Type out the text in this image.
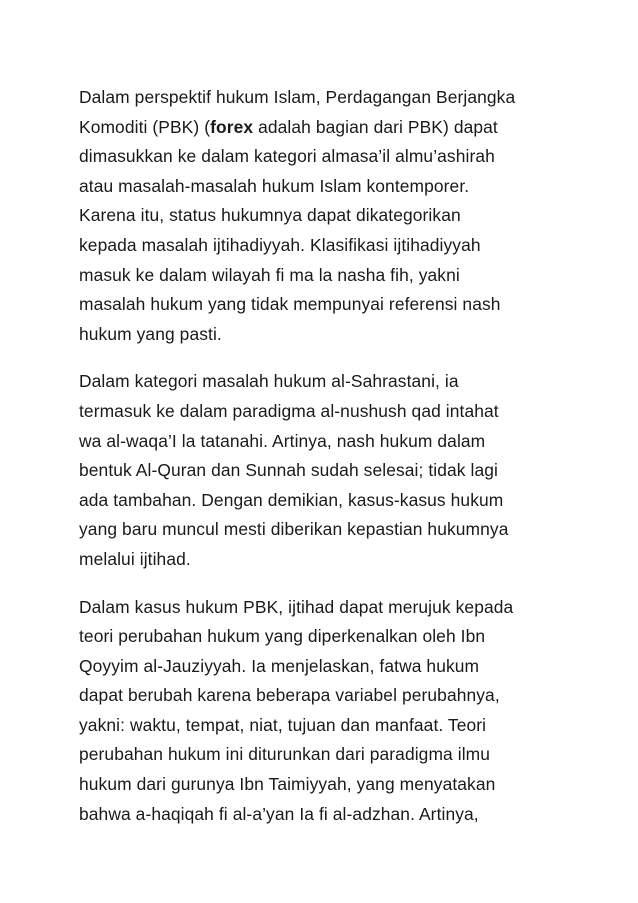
Dalam perspektif hukum Islam, Perdagangan Berjangka
Komoditi (PBK) (forex adalah bagian dari PBK) dapat
dimasukkan ke dalam kategori almasa’il almu’ashirah
atau masalah-masalah hukum Islam kontemporer.
Karena itu, status hukumnya dapat dikategorikan
kepada masalah ijtihadiyyah. Klasifikasi ijtihadiyyah
masuk ke dalam wilayah fi ma la nasha fih, yakni
masalah hukum yang tidak mempunyai referensi nash
hukum yang pasti.

Dalam kategori masalah hukum al-Sahrastani, ia
termasuk ke dalam paradigma al-nushush qad intahat
wa al-waqa’I la tatanahi. Artinya, nash hukum dalam
bentuk Al-Quran dan Sunnah sudah selesai; tidak lagi
ada tambahan. Dengan demikian, kasus-kasus hukum
yang baru muncul mesti diberikan kepastian hukumnya
melalui ijtihad.

Dalam kasus hukum PBK, ijtihad dapat merujuk kepada
teori perubahan hukum yang diperkenalkan oleh Ibn
Qoyyim al-Jauziyyah. Ia menjelaskan, fatwa hukum
dapat berubah karena beberapa variabel perubahnya,
yakni: waktu, tempat, niat, tujuan dan manfaat. Teori
perubahan hukum ini diturunkan dari paradigma ilmu
hukum dari gurunya Ibn Taimiyyah, yang menyatakan
bahwa a-haqiqah fi al-a’yan Ia fi al-adzhan. Artinya,
